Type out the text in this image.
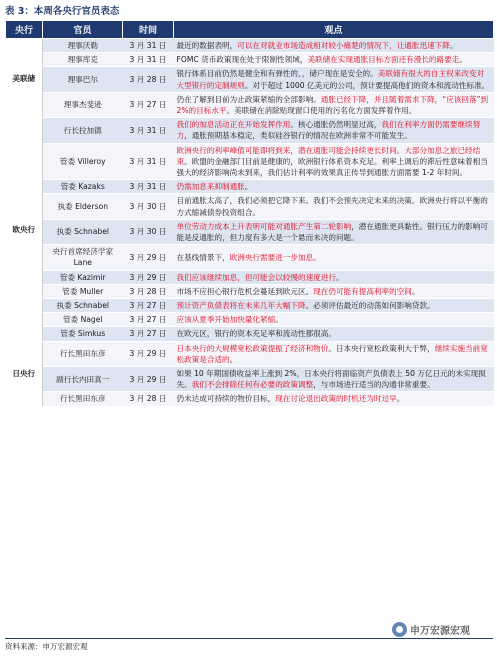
表 3：本周各央行官员表态
央行	官员	时间	观点
美联储	理事沃勒	3 月 31 日	最近的数据表明，可以在对就业市场造成相对较小痛楚的情况下，让通胀迅速下降。
	理事库克	3 月 31 日	FOMC 货币政策现在处于限制性领域，美联储在实现通胀目标方面还有漫长的路要走。
	理事巴尔	3 月 28 日	银行体系目前仍然是健全和有弹性的，，储户现在是安全的。美联储有很大的自主权来改变对大型银行的定制规则。对于超过 1000 亿美元的公司，预计要提高他们的资本和流动性标准。
	理事杰斐逊	3 月 27 日	仍在了解到目前为止政策紧缩的全部影响。通胀已经下降，并且随着需求下降，“应该回落”到 2%的目标水平。美联储在消除贴现窗口使用的污名化方面发挥着作用。
欧央行	行长拉加德	3 月 31 日	我们的加息活动正在开始发挥作用。核心通胀仍然明显过高，我们在利率方面仍需要继续努力，通胀预期基本稳定，类似硅谷银行的情况在欧洲非常不可能发生。
	管委 Villeroy	3 月 31 日	欧洲央行的利率峰值可能即将到来，潜在通胀可能会持续更长时间。大部分加息之旅已经结束。欧盟的金融部门目前是健康的，欧洲银行体系资本充足。利率上调后的滞后性意味着相当强大的经济影响尚未到来，我们估计利率的效果真正传导到通胀方面需要 1-2 年时间。
	管委 Kazaks	3 月 31 日	仍需加息来抑制通胀。
	执委 Elderson	3 月 30 日	目前通胀太高了，我们必须把它降下来。我们不会预先决定未来的决策。欧洲央行将以平衡的方式缩减债券投资组合。
	执委 Schnabel	3 月 30 日	单位劳动力成本上升表明可能对通胀产生第二轮影响，潜在通胀更具黏性。银行压力的影响可能是反通胀的，但力度有多大是一个悬而未决的问题。
	央行首席经济学家 Lane	3 月 29 日	在基线情景下，欧洲央行需要进一步加息。
	管委 Kazimir	3 月 29 日	我们应该继续加息，但可能会以较慢的速度进行。
	管委 Muller	3 月 28 日	市场不应担心银行危机会蔓延到欧元区。现在仍可能有提高利率的空间。
	执委 Schnabel	3 月 27 日	预计资产负债表将在未来几年大幅下降。必须评估最近的动荡如何影响贷款。
	管委 Nagel	3 月 27 日	应该从夏季开始加快量化紧缩。
	管委 Simkus	3 月 27 日	在欧元区，银行的资本充足率和流动性都很高。
日央行	行长黑田东彦	3 月 29 日	日本央行的大规模宽松政策提振了经济和物价。日本央行宽松政策利大于弊，继续实施当前宽松政策是合适的。
	副行长内田真一	3 月 29 日	如果 10 年期国债收益率上涨到 2%，日本央行将面临资产负债表上 50 万亿日元的未实现损失。我们不会排除任何有必要的政策调整，与市场进行适当的沟通非常重要。
	行长黑田东彦	3 月 28 日	仍未达成可持续的物价目标，现在讨论退出政策的时机还为时过早。
资料来源：申万宏源宏观
申万宏源宏观
